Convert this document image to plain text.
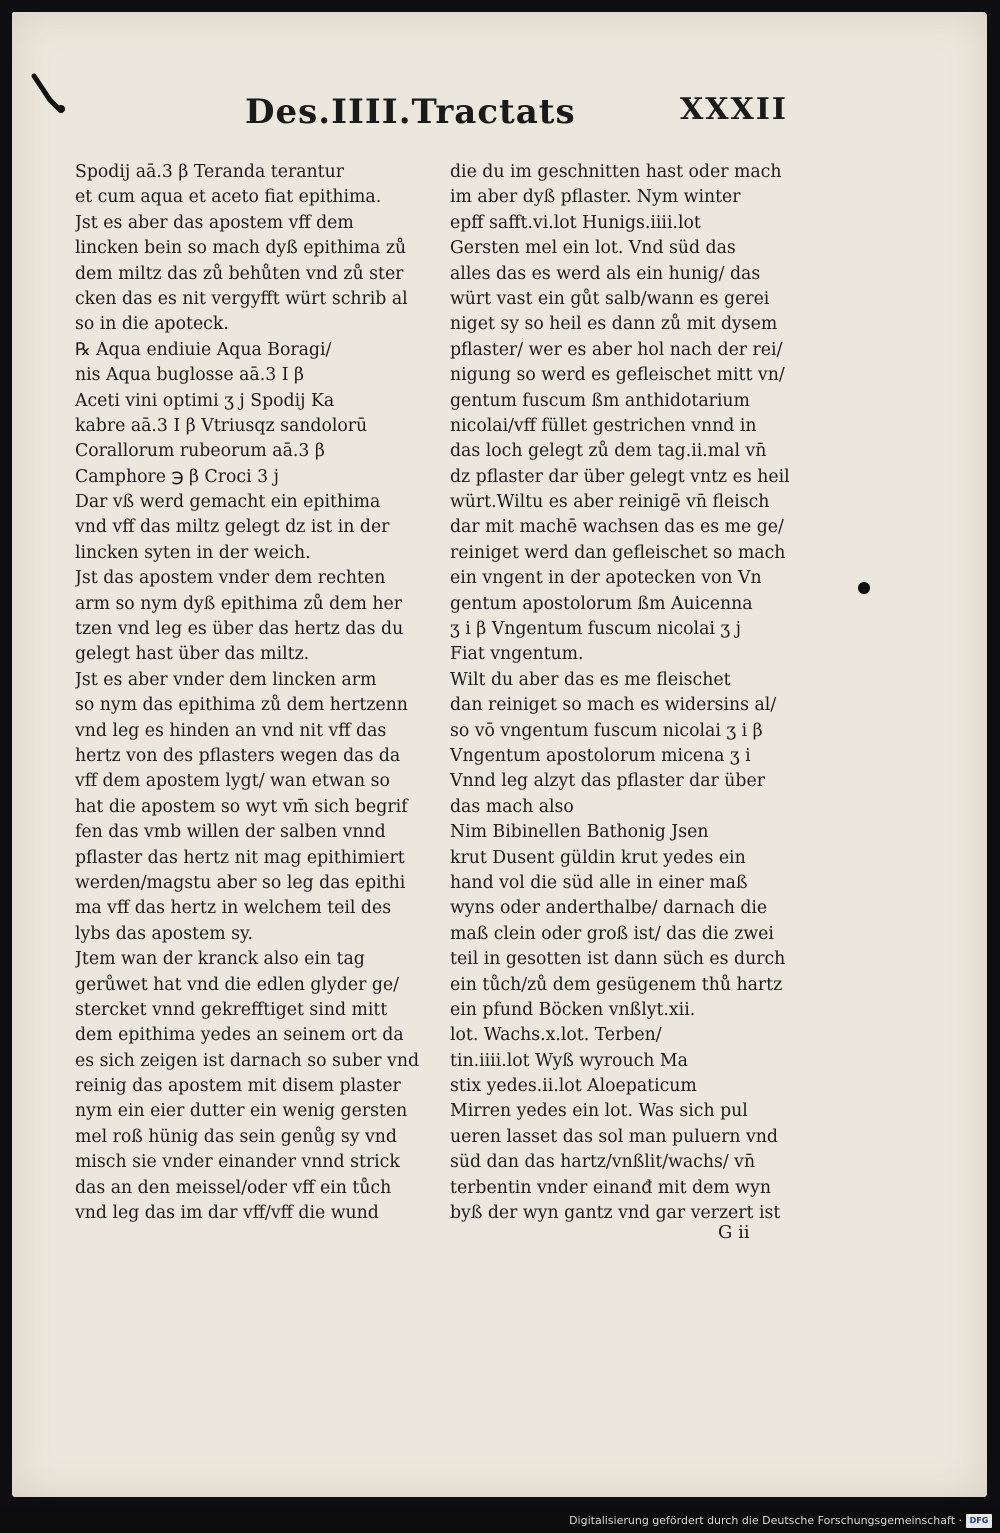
Des.IIII.Tractats	XXXII
Spodij aā.3 β Teranda terantur
et cum aqua et aceto fiat epithima.
Jst es aber das apostem vff dem
lincken bein so mach dyß epithima zů
dem miltz das zů behůten vnd zů ster
cken das es nit vergyfft würt schrib al
so in die apoteck.
℞ Aqua endiuie Aqua Boragi/
nis Aqua buglosse aā.3 I β
Aceti vini optimi ʒ j Spodij Ka
kabre aā.3 I β Vtriusqz sandolorū
Corallorum rubeorum aā.3 β
Camphore ℈ β Croci 3 j
Dar vß werd gemacht ein epithima
vnd vff das miltz gelegt dz ist in der
lincken syten in der weich.
Jst das apostem vnder dem rechten
arm so nym dyß epithima zů dem her
tzen vnd leg es über das hertz das du
gelegt hast über das miltz.
Jst es aber vnder dem lincken arm
so nym das epithima zů dem hertzenn
vnd leg es hinden an vnd nit vff das
hertz von des pflasters wegen das da
vff dem apostem lygt/ wan etwan so
hat die apostem so wyt vm̄ sich begrif
fen das vmb willen der salben vnnd
pflaster das hertz nit mag epithimiert
werden/magstu aber so leg das epithi
ma vff das hertz in welchem teil des
lybs das apostem sy.
Jtem wan der kranck also ein tag
gerůwet hat vnd die edlen glyder ge/
stercket vnnd gekrefftiget sind mitt
dem epithima yedes an seinem ort da
es sich zeigen ist darnach so suber vnd
reinig das apostem mit disem plaster
nym ein eier dutter ein wenig gersten
mel roß hünig das sein genůg sy vnd
misch sie vnder einander vnnd strick
das an den meissel/oder vff ein tůch
vnd leg das im dar vff/vff die wund
die du im geschnitten hast oder mach
im aber dyß pflaster. Nym winter
epff safft.vi.lot Hunigs.iiii.lot
Gersten mel ein lot. Vnd süd das
alles das es werd als ein hunig/ das
würt vast ein gůt salb/wann es gerei
niget sy so heil es dann zů mit dysem
pflaster/ wer es aber hol nach der rei/
nigung so werd es gefleischet mitt vn/
gentum fuscum ßm anthidotarium
nicolai/vff füllet gestrichen vnnd in
das loch gelegt zů dem tag.ii.mal vn̄
dz pflaster dar über gelegt vntz es heil
würt.Wiltu es aber reinigē vn̄ fleisch
dar mit machē wachsen das es me ge/
reiniget werd dan gefleischet so mach
ein vngent in der apotecken von Vn
gentum apostolorum ßm Auicenna
ʒ i β Vngentum fuscum nicolai ʒ j
Fiat vngentum.
Wilt du aber das es me fleischet
dan reiniget so mach es widersins al/
so vō vngentum fuscum nicolai ʒ i β
Vngentum apostolorum micena ʒ i
Vnnd leg alzyt das pflaster dar über
das mach also
Nim Bibinellen Bathonig Jsen
krut Dusent güldin krut yedes ein
hand vol die süd alle in einer maß
wyns oder anderthalbe/ darnach die
maß clein oder groß ist/ das die zwei
teil in gesotten ist dann süch es durch
ein tůch/zů dem gesügenem thů hartz
ein pfund Böcken vnßlyt.xii.
lot. Wachs.x.lot. Terben/
tin.iiii.lot Wyß wyrouch Ma
stix yedes.ii.lot Aloepaticum
Mirren yedes ein lot. Was sich pul
ueren lasset das sol man puluern vnd
süd dan das hartz/vnßlit/wachs/ vn̄
terbentin vnder einanđ mit dem wyn
byß der wyn gantz vnd gar verzert ist
G ii
Digitalisierung gefördert durch die Deutsche Forschungsgemeinschaft · DFG
